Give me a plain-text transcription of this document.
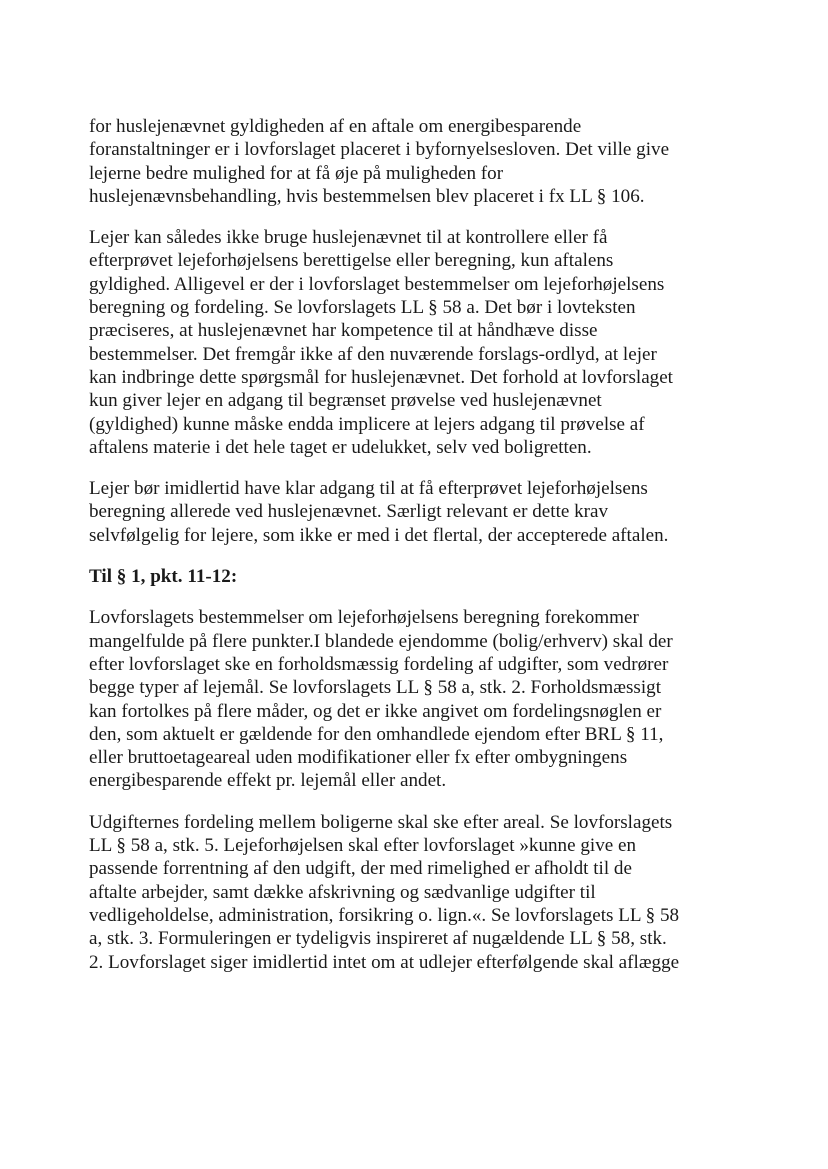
for huslejenævnet gyldigheden af en aftale om energibesparende
foranstaltninger er i lovforslaget placeret i byfornyelsesloven. Det ville give
lejerne bedre mulighed for at få øje på muligheden for
huslejenævnsbehandling, hvis bestemmelsen blev placeret i fx LL § 106.

Lejer kan således ikke bruge huslejenævnet til at kontrollere eller få
efterprøvet lejeforhøjelsens berettigelse eller beregning, kun aftalens
gyldighed. Alligevel er der i lovforslaget bestemmelser om lejeforhøjelsens
beregning og fordeling. Se lovforslagets LL § 58 a. Det bør i lovteksten
præciseres, at huslejenævnet har kompetence til at håndhæve disse
bestemmelser. Det fremgår ikke af den nuværende forslags-ordlyd, at lejer
kan indbringe dette spørgsmål for huslejenævnet. Det forhold at lovforslaget
kun giver lejer en adgang til begrænset prøvelse ved huslejenævnet
(gyldighed) kunne måske endda implicere at lejers adgang til prøvelse af
aftalens materie i det hele taget er udelukket, selv ved boligretten.

Lejer bør imidlertid have klar adgang til at få efterprøvet lejeforhøjelsens
beregning allerede ved huslejenævnet. Særligt relevant er dette krav
selvfølgelig for lejere, som ikke er med i det flertal, der accepterede aftalen.

Til § 1, pkt. 11-12:

Lovforslagets bestemmelser om lejeforhøjelsens beregning forekommer
mangelfulde på flere punkter.I blandede ejendomme (bolig/erhverv) skal der
efter lovforslaget ske en forholdsmæssig fordeling af udgifter, som vedrører
begge typer af lejemål. Se lovforslagets LL § 58 a, stk. 2. Forholdsmæssigt
kan fortolkes på flere måder, og det er ikke angivet om fordelingsnøglen er
den, som aktuelt er gældende for den omhandlede ejendom efter BRL § 11,
eller bruttoetageareal uden modifikationer eller fx efter ombygningens
energibesparende effekt pr. lejemål eller andet.

Udgifternes fordeling mellem boligerne skal ske efter areal. Se lovforslagets
LL § 58 a, stk. 5. Lejeforhøjelsen skal efter lovforslaget »kunne give en
passende forrentning af den udgift, der med rimelighed er afholdt til de
aftalte arbejder, samt dække afskrivning og sædvanlige udgifter til
vedligeholdelse, administration, forsikring o. lign.«. Se lovforslagets LL § 58
a, stk. 3. Formuleringen er tydeligvis inspireret af nugældende LL § 58, stk.
2. Lovforslaget siger imidlertid intet om at udlejer efterfølgende skal aflægge
